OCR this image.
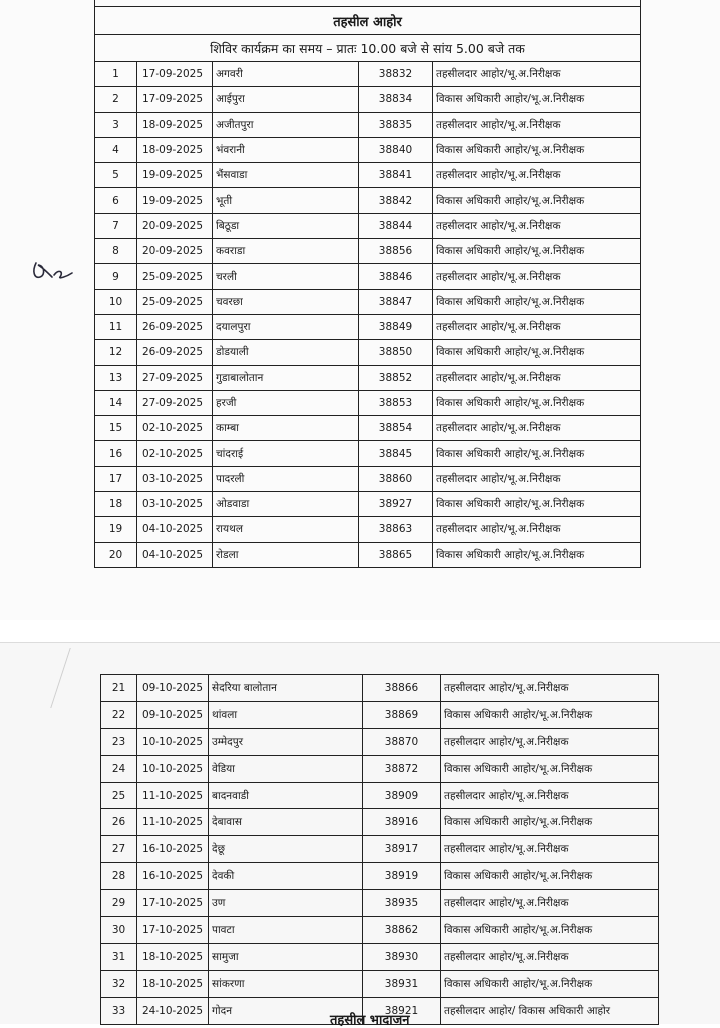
तहसील आहोर				
शिविर कार्यक्रम का समय – प्रातः 10.00 बजे से सांय 5.00 बजे तक				
1	17-09-2025	अगवरी	38832	तहसीलदार आहोर/भू.अ.निरीक्षक
2	17-09-2025	आईपुरा	38834	विकास अधिकारी आहोर/भू.अ.निरीक्षक
3	18-09-2025	अजीतपुरा	38835	तहसीलदार आहोर/भू.अ.निरीक्षक
4	18-09-2025	भंवरानी	38840	विकास अधिकारी आहोर/भू.अ.निरीक्षक
5	19-09-2025	भैंसवाडा	38841	तहसीलदार आहोर/भू.अ.निरीक्षक
6	19-09-2025	भूती	38842	विकास अधिकारी आहोर/भू.अ.निरीक्षक
7	20-09-2025	बिठूडा	38844	तहसीलदार आहोर/भू.अ.निरीक्षक
8	20-09-2025	कवराडा	38856	विकास अधिकारी आहोर/भू.अ.निरीक्षक
9	25-09-2025	चरली	38846	तहसीलदार आहोर/भू.अ.निरीक्षक
10	25-09-2025	चवरछा	38847	विकास अधिकारी आहोर/भू.अ.निरीक्षक
11	26-09-2025	दयालपुरा	38849	तहसीलदार आहोर/भू.अ.निरीक्षक
12	26-09-2025	डोडयाली	38850	विकास अधिकारी आहोर/भू.अ.निरीक्षक
13	27-09-2025	गुडाबालोतान	38852	तहसीलदार आहोर/भू.अ.निरीक्षक
14	27-09-2025	हरजी	38853	विकास अधिकारी आहोर/भू.अ.निरीक्षक
15	02-10-2025	काम्बा	38854	तहसीलदार आहोर/भू.अ.निरीक्षक
16	02-10-2025	चांदराई	38845	विकास अधिकारी आहोर/भू.अ.निरीक्षक
17	03-10-2025	पादरली	38860	तहसीलदार आहोर/भू.अ.निरीक्षक
18	03-10-2025	ओडवाडा	38927	विकास अधिकारी आहोर/भू.अ.निरीक्षक
19	04-10-2025	रायथल	38863	तहसीलदार आहोर/भू.अ.निरीक्षक
20	04-10-2025	रोडला	38865	विकास अधिकारी आहोर/भू.अ.निरीक्षक
21	09-10-2025	सेदरिया बालोतान	38866	तहसीलदार आहोर/भू.अ.निरीक्षक
22	09-10-2025	थांवला	38869	विकास अधिकारी आहोर/भू.अ.निरीक्षक
23	10-10-2025	उम्मेदपुर	38870	तहसीलदार आहोर/भू.अ.निरीक्षक
24	10-10-2025	वेडिया	38872	विकास अधिकारी आहोर/भू.अ.निरीक्षक
25	11-10-2025	बादनवाडी	38909	तहसीलदार आहोर/भू.अ.निरीक्षक
26	11-10-2025	देबावास	38916	विकास अधिकारी आहोर/भू.अ.निरीक्षक
27	16-10-2025	देछू	38917	तहसीलदार आहोर/भू.अ.निरीक्षक
28	16-10-2025	देवकी	38919	विकास अधिकारी आहोर/भू.अ.निरीक्षक
29	17-10-2025	उण	38935	तहसीलदार आहोर/भू.अ.निरीक्षक
30	17-10-2025	पावटा	38862	विकास अधिकारी आहोर/भू.अ.निरीक्षक
31	18-10-2025	सामुजा	38930	तहसीलदार आहोर/भू.अ.निरीक्षक
32	18-10-2025	सांकरणा	38931	विकास अधिकारी आहोर/भू.अ.निरीक्षक
33	24-10-2025	गोदन	38921	तहसीलदार आहोर/ विकास अधिकारी आहोर
तहसील भादाजन
